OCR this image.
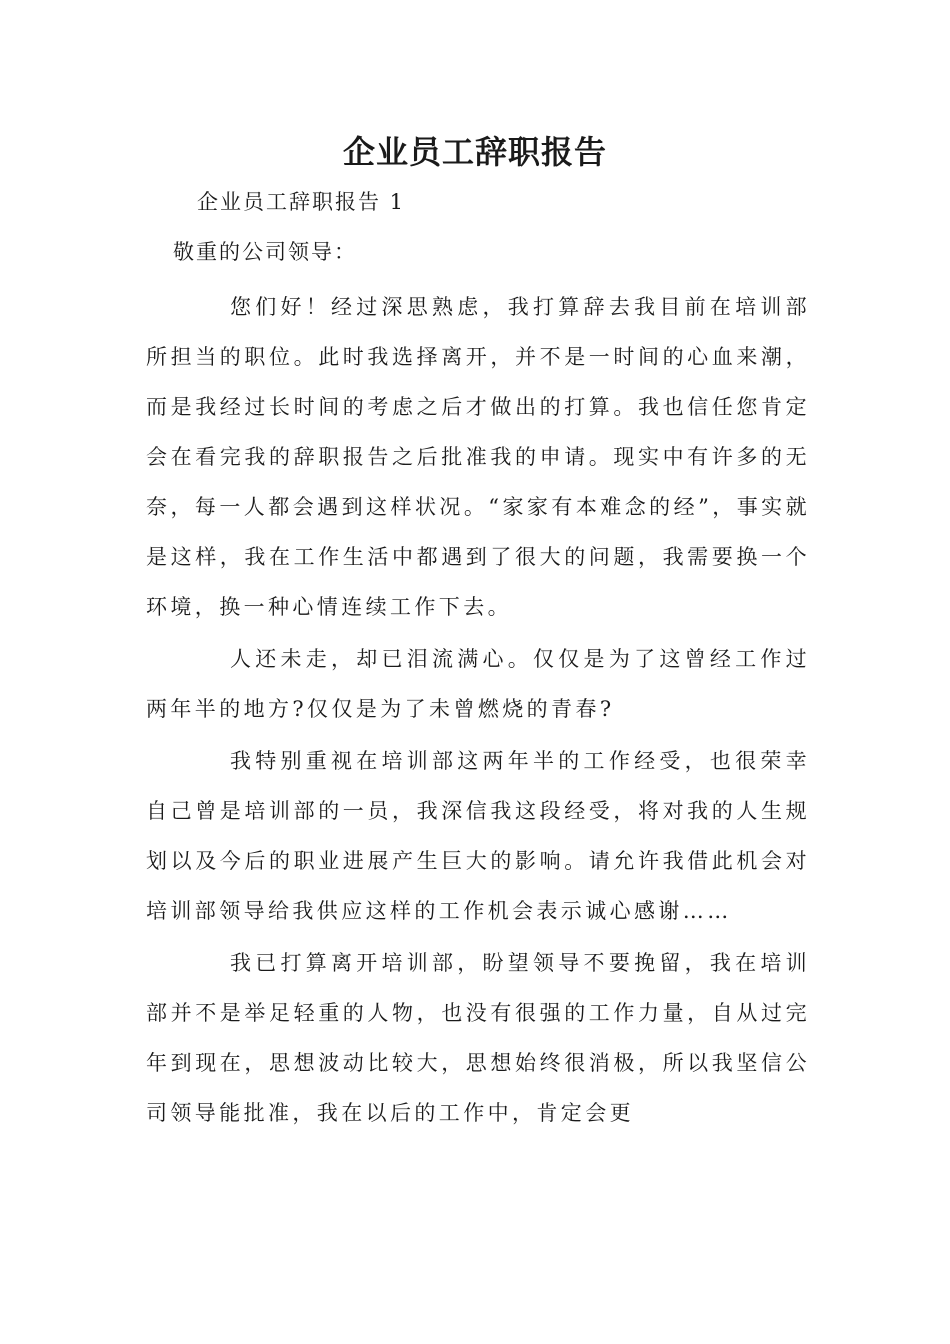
企业员工辞职报告

企业员工辞职报告 1

敬重的公司领导：

您们好！经过深思熟虑，我打算辞去我目前在培训部所担当的职位。此时我选择离开，并不是一时间的心血来潮，而是我经过长时间的考虑之后才做出的打算。我也信任您肯定会在看完我的辞职报告之后批准我的申请。现实中有许多的无奈，每一人都会遇到这样状况。“家家有本难念的经”，事实就是这样，我在工作生活中都遇到了很大的问题，我需要换一个环境，换一种心情连续工作下去。

人还未走，却已泪流满心。仅仅是为了这曾经工作过两年半的地方?仅仅是为了未曾燃烧的青春?

我特别重视在培训部这两年半的工作经受，也很荣幸自己曾是培训部的一员，我深信我这段经受，将对我的人生规划以及今后的职业进展产生巨大的影响。请允许我借此机会对培训部领导给我供应这样的工作机会表示诚心感谢……

我已打算离开培训部，盼望领导不要挽留，我在培训部并不是举足轻重的人物，也没有很强的工作力量，自从过完年到现在，思想波动比较大，思想始终很消极，所以我坚信公司领导能批准，我在以后的工作中，肯定会更
